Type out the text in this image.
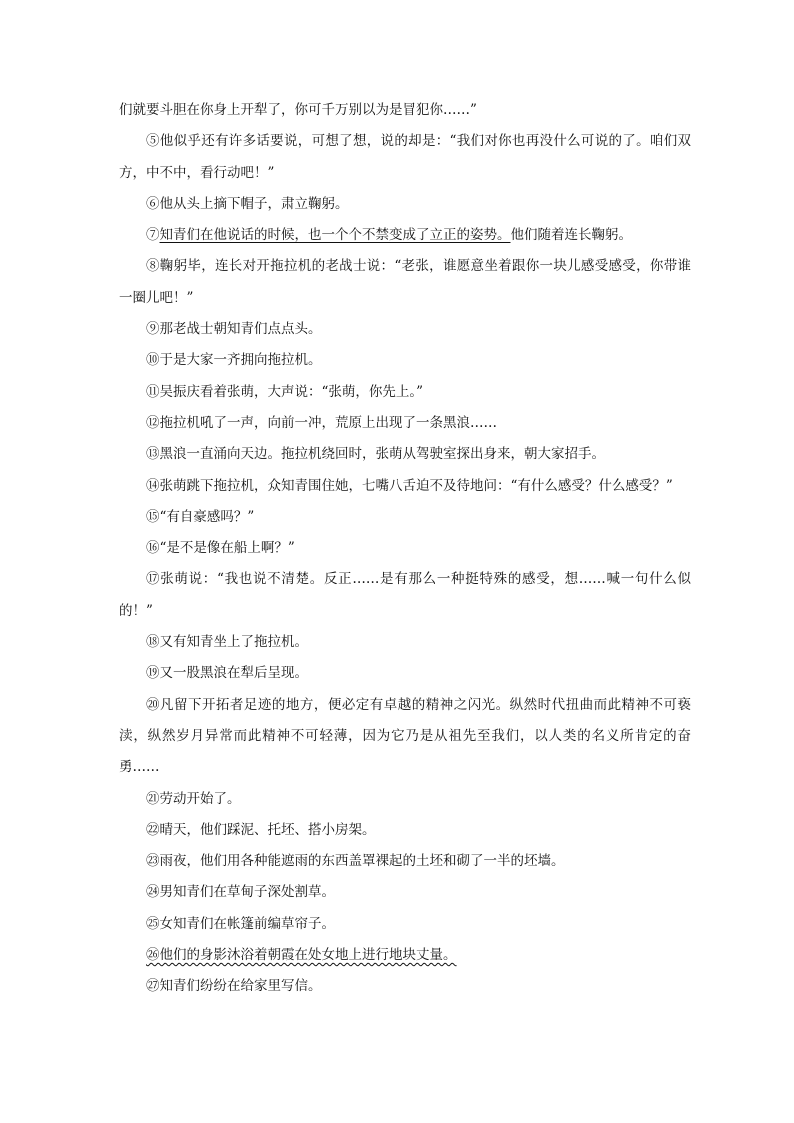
们就要斗胆在你身上开犁了，你可千万别以为是冒犯你……”

⑤他似乎还有许多话要说，可想了想，说的却是：“我们对你也再没什么可说的了。咱们双方，中不中，看行动吧！”

⑥他从头上摘下帽子，肃立鞠躬。

⑦知青们在他说话的时候，也一个个不禁变成了立正的姿势。他们随着连长鞠躬。

⑧鞠躬毕，连长对开拖拉机的老战士说：“老张，谁愿意坐着跟你一块儿感受感受，你带谁一圈儿吧！”

⑨那老战士朝知青们点点头。

⑩于是大家一齐拥向拖拉机。

⑪吴振庆看着张萌，大声说：“张萌，你先上。”

⑫拖拉机吼了一声，向前一冲，荒原上出现了一条黑浪……

⑬黑浪一直涌向天边。拖拉机绕回时，张萌从驾驶室探出身来，朝大家招手。

⑭张萌跳下拖拉机，众知青围住她，七嘴八舌迫不及待地问：“有什么感受？什么感受？”

⑮“有自豪感吗？”

⑯“是不是像在船上啊？”

⑰张萌说：“我也说不清楚。反正……是有那么一种挺特殊的感受，想……喊一句什么似的！”

⑱又有知青坐上了拖拉机。

⑲又一股黑浪在犁后呈现。

⑳凡留下开拓者足迹的地方，便必定有卓越的精神之闪光。纵然时代扭曲而此精神不可亵渎，纵然岁月异常而此精神不可轻薄，因为它乃是从祖先至我们，以人类的名义所肯定的奋勇……

㉑劳动开始了。

㉒晴天，他们踩泥、托坯、搭小房架。

㉓雨夜，他们用各种能遮雨的东西盖罩裸起的土坯和砌了一半的坯墙。

㉔男知青们在草甸子深处割草。

㉕女知青们在帐篷前编草帘子。

㉖他们的身影沐浴着朝霞在处女地上进行地块丈量。

㉗知青们纷纷在给家里写信。
